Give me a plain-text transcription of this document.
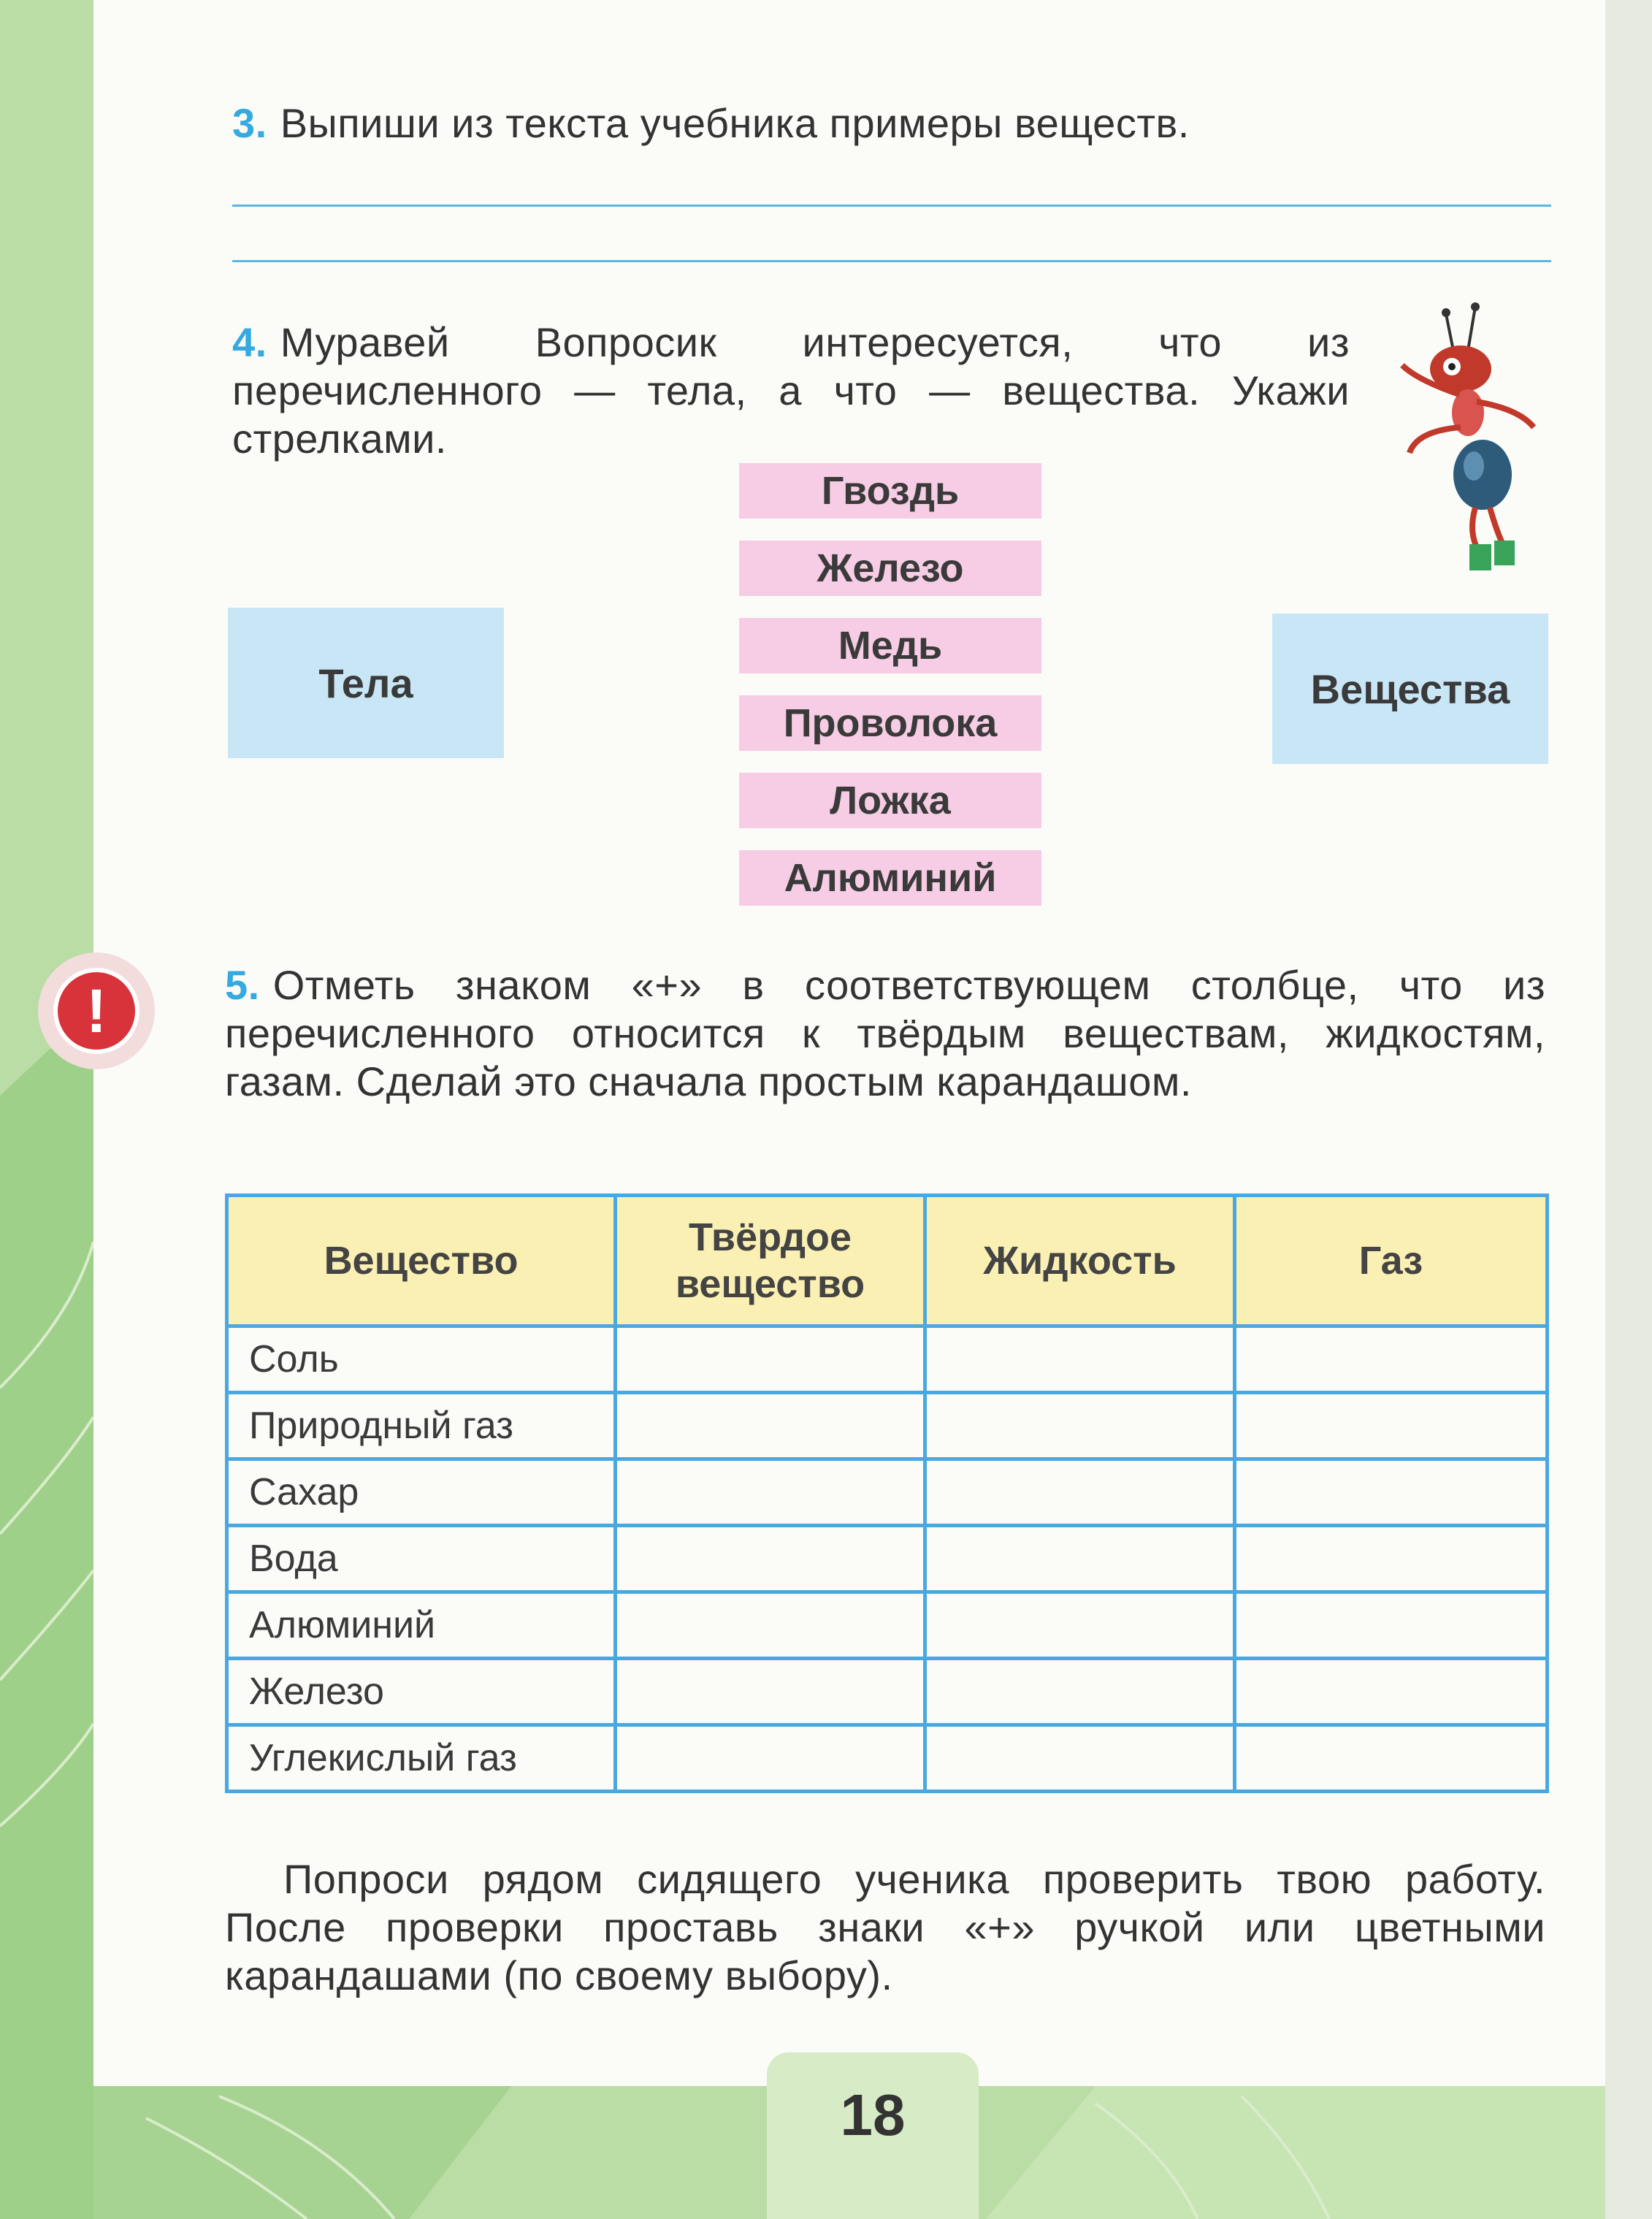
3. Выпиши из текста учебника примеры веществ.
4. Муравей Вопросик интересуется, что из перечисленного — тела, а что — вещества. Укажи стрелками.
Гвоздь
Железо
Медь
Проволока
Ложка
Алюминий
Тела	Вещества
!	5. Отметь знаком «+» в соответствующем столбце, что из перечисленного относится к твёрдым веществам, жидкостям, газам. Сделай это сначала простым карандашом.
Вещество	Твёрдое вещество	Жидкость	Газ
Соль			
Природный газ			
Сахар			
Вода			
Алюминий			
Железо			
Углекислый газ			
Попроси рядом сидящего ученика проверить твою работу. После проверки проставь знаки «+» ручкой или цветными карандашами (по своему выбору).
18
